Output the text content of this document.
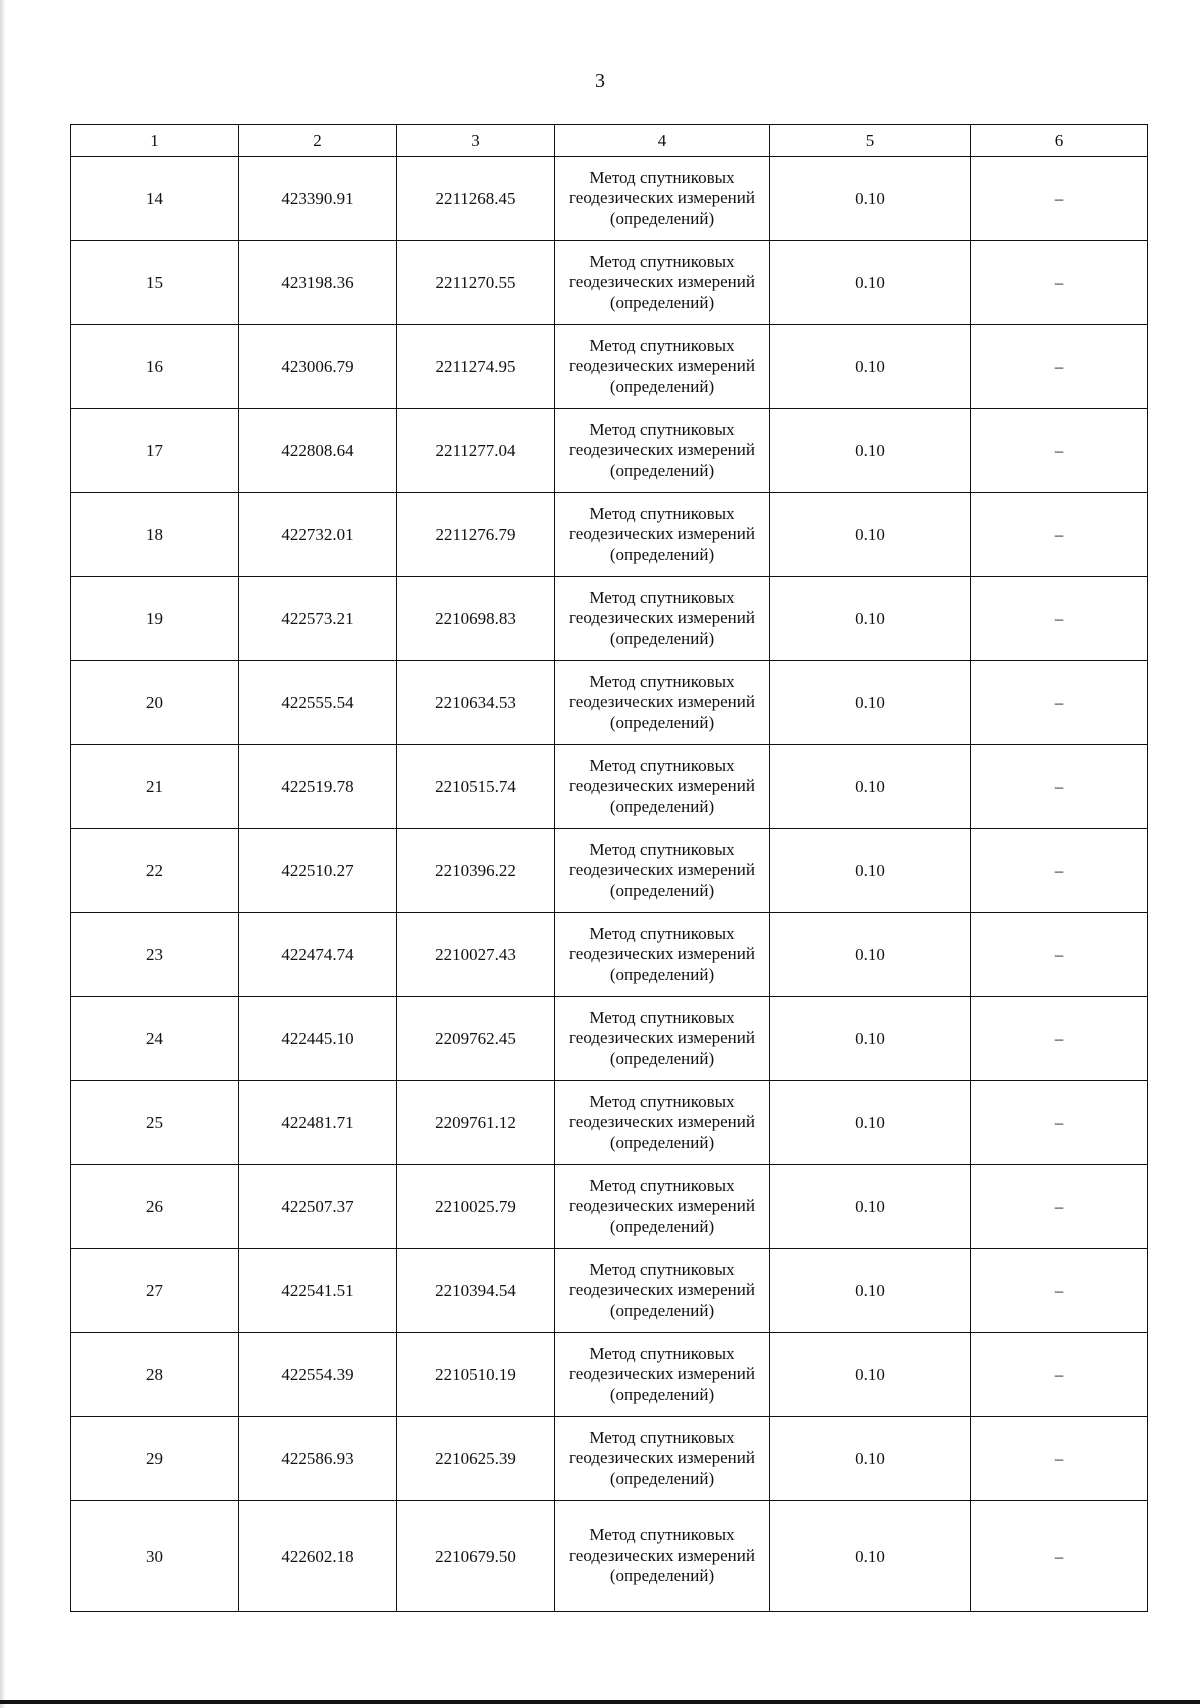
3
1	2	3	4	5	6
14	423390.91	2211268.45	Метод спутниковых геодезических измерений (определений)	0.10	–
15	423198.36	2211270.55	Метод спутниковых геодезических измерений (определений)	0.10	–
16	423006.79	2211274.95	Метод спутниковых геодезических измерений (определений)	0.10	–
17	422808.64	2211277.04	Метод спутниковых геодезических измерений (определений)	0.10	–
18	422732.01	2211276.79	Метод спутниковых геодезических измерений (определений)	0.10	–
19	422573.21	2210698.83	Метод спутниковых геодезических измерений (определений)	0.10	–
20	422555.54	2210634.53	Метод спутниковых геодезических измерений (определений)	0.10	–
21	422519.78	2210515.74	Метод спутниковых геодезических измерений (определений)	0.10	–
22	422510.27	2210396.22	Метод спутниковых геодезических измерений (определений)	0.10	–
23	422474.74	2210027.43	Метод спутниковых геодезических измерений (определений)	0.10	–
24	422445.10	2209762.45	Метод спутниковых геодезических измерений (определений)	0.10	–
25	422481.71	2209761.12	Метод спутниковых геодезических измерений (определений)	0.10	–
26	422507.37	2210025.79	Метод спутниковых геодезических измерений (определений)	0.10	–
27	422541.51	2210394.54	Метод спутниковых геодезических измерений (определений)	0.10	–
28	422554.39	2210510.19	Метод спутниковых геодезических измерений (определений)	0.10	–
29	422586.93	2210625.39	Метод спутниковых геодезических измерений (определений)	0.10	–
30	422602.18	2210679.50	Метод спутниковых геодезических измерений (определений)	0.10	–
